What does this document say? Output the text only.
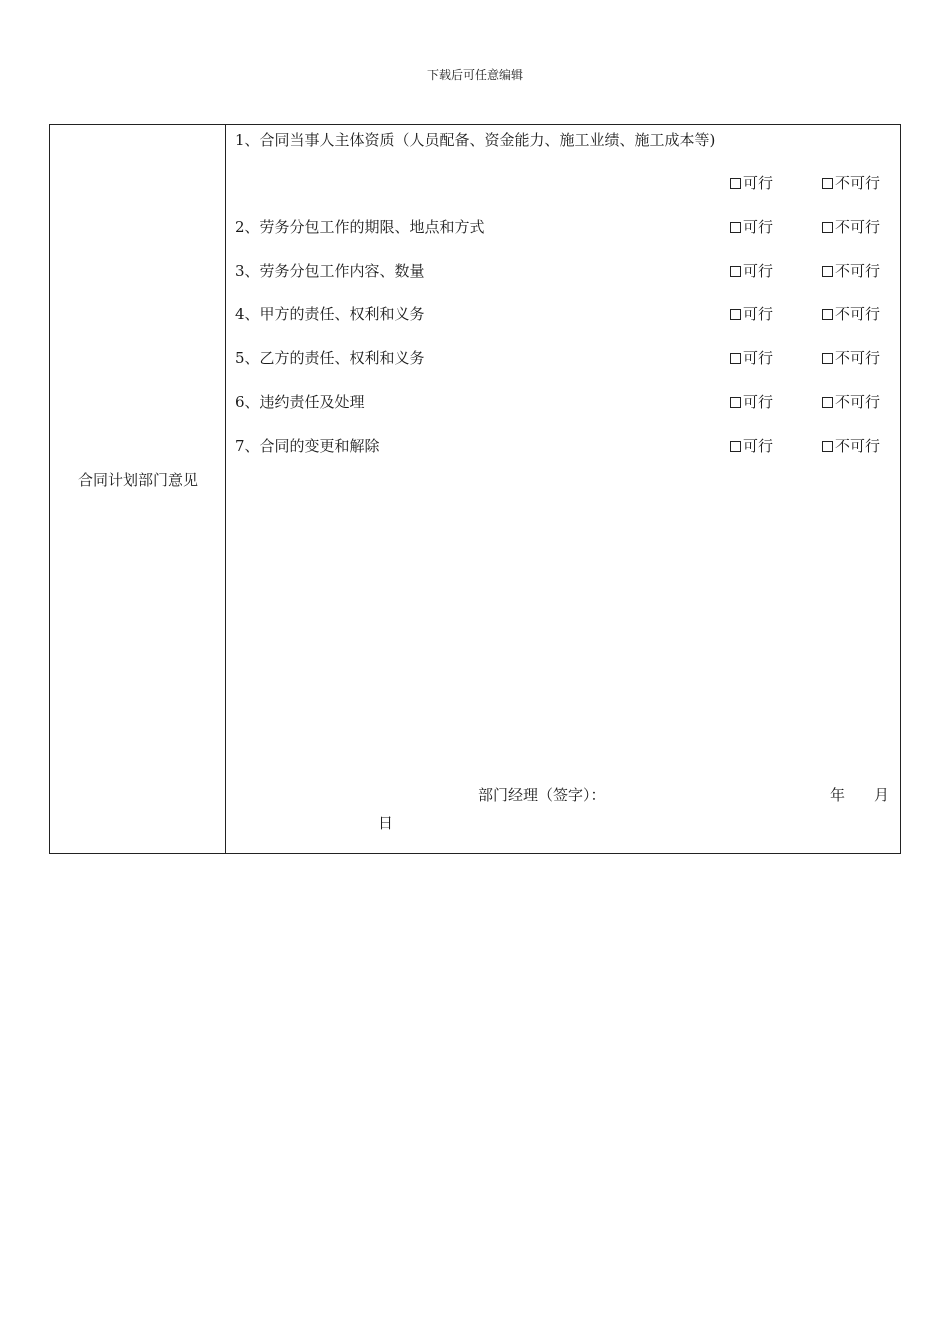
下载后可任意编辑
合同计划部门意见
1、合同当事人主体资质（人员配备、资金能力、施工业绩、施工成本等)
可行	不可行
2、劳务分包工作的期限、地点和方式	可行	不可行
3、劳务分包工作内容、数量	可行	不可行
4、甲方的责任、权利和义务	可行	不可行
5、乙方的责任、权利和义务	可行	不可行
6、违约责任及处理	可行	不可行
7、合同的变更和解除	可行	不可行
部门经理（签字）：	年 月
日
